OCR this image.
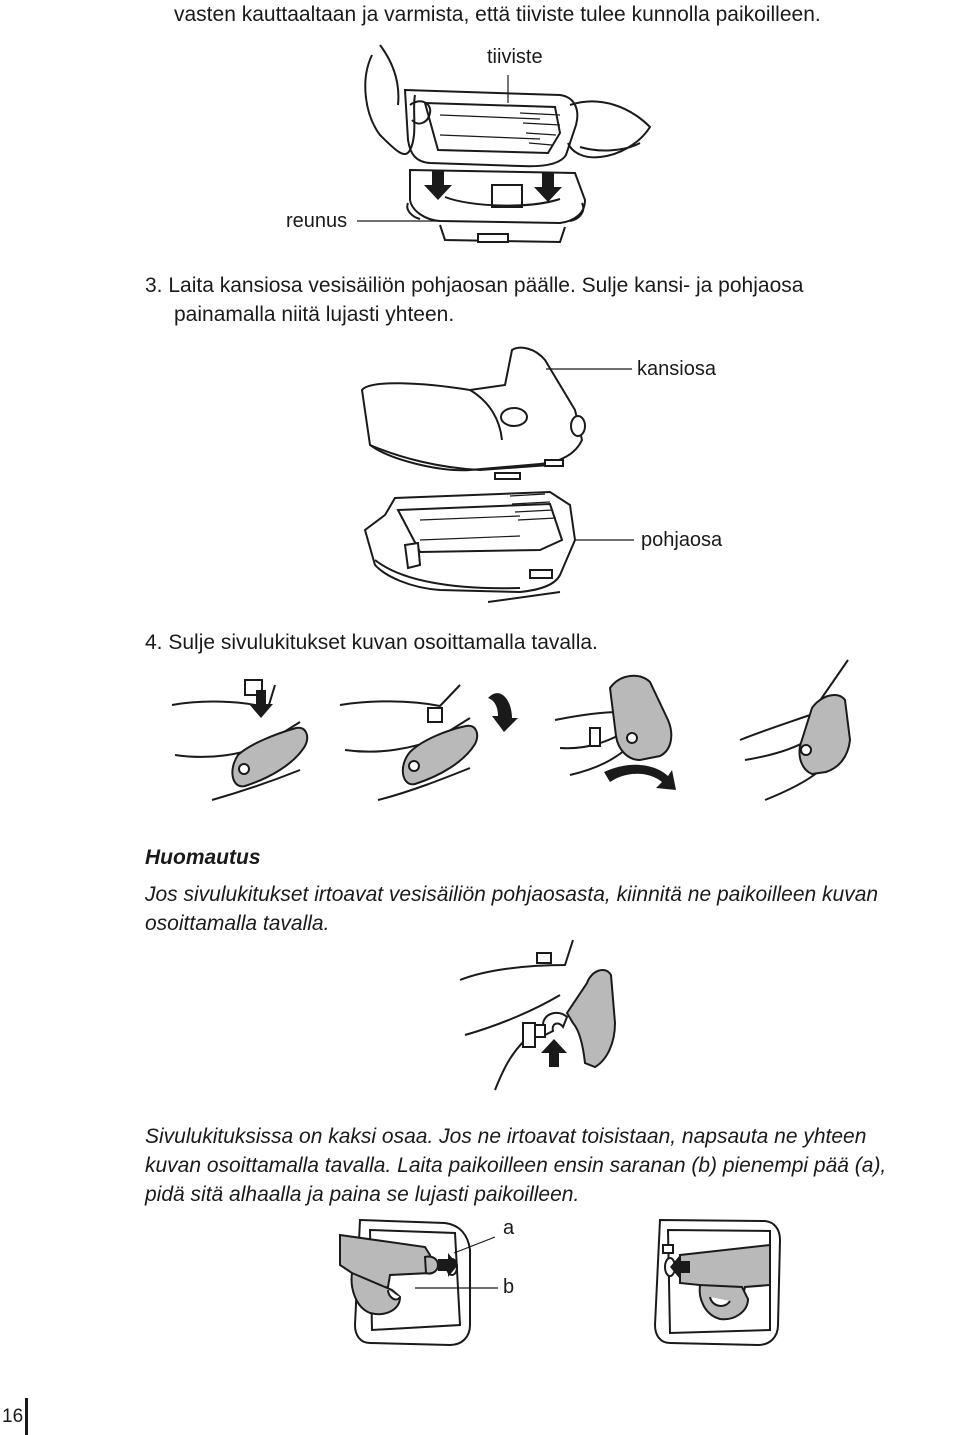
vasten kauttaaltaan ja varmista, että tiiviste tulee kunnolla paikoilleen.
tiiviste
reunus
3. Laita kansiosa vesisäiliön pohjaosan päälle. Sulje kansi- ja pohjaosa
painamalla niitä lujasti yhteen.
kansiosa
pohjaosa
4. Sulje sivulukitukset kuvan osoittamalla tavalla.
Huomautus
Jos sivulukitukset irtoavat vesisäiliön pohjaosasta, kiinnitä ne paikoilleen kuvan
osoittamalla tavalla.
Sivulukituksissa on kaksi osaa. Jos ne irtoavat toisistaan, napsauta ne yhteen
kuvan osoittamalla tavalla. Laita paikoilleen ensin saranan (b) pienempi pää (a),
pidä sitä alhaalla ja paina se lujasti paikoilleen.
a
b
16
